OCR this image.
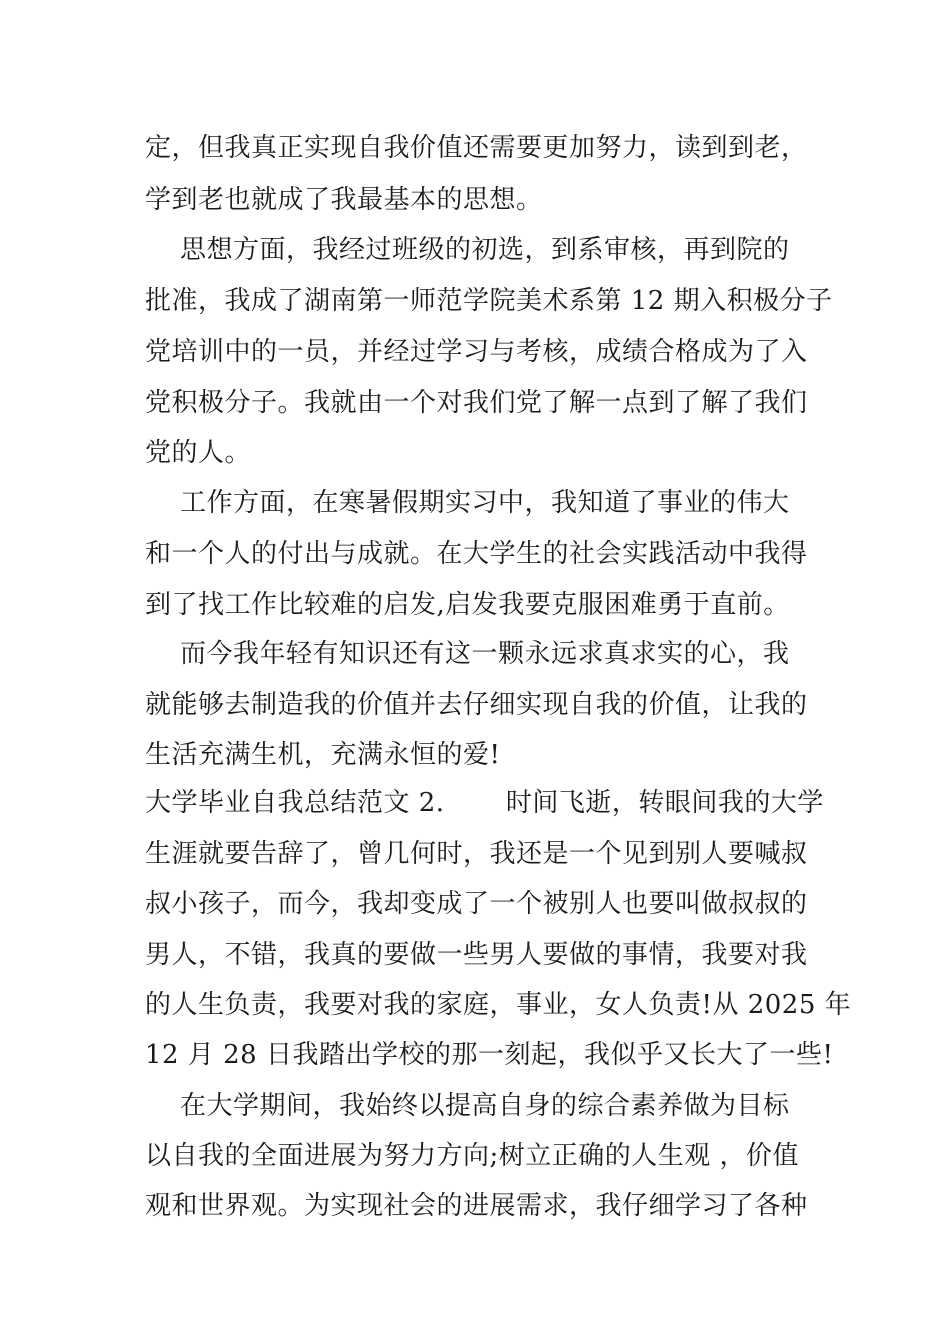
定，但我真正实现自我价值还需要更加努力，读到到老，
学到老也就成了我最基本的思想。
思想方面，我经过班级的初选，到系审核，再到院的
批准，我成了湖南第一师范学院美术系第 12 期入积极分子
党培训中的一员，并经过学习与考核，成绩合格成为了入
党积极分子。我就由一个对我们党了解一点到了解了我们
党的人。
工作方面，在寒暑假期实习中，我知道了事业的伟大
和一个人的付出与成就。在大学生的社会实践活动中我得
到了找工作比较难的启发,启发我要克服困难勇于直前。
而今我年轻有知识还有这一颗永远求真求实的心，我
就能够去制造我的价值并去仔细实现自我的价值，让我的
生活充满生机，充满永恒的爱!
大学毕业自我总结范文 2.       时间飞逝，转眼间我的大学
生涯就要告辞了，曾几何时，我还是一个见到别人要喊叔
叔小孩子，而今，我却变成了一个被别人也要叫做叔叔的
男人，不错，我真的要做一些男人要做的事情，我要对我
的人生负责，我要对我的家庭，事业，女人负责!从 2025 年
12 月 28 日我踏出学校的那一刻起，我似乎又长大了一些!
在大学期间，我始终以提高自身的综合素养做为目标
以自我的全面进展为努力方向;树立正确的人生观 ，价值
观和世界观。为实现社会的进展需求，我仔细学习了各种
